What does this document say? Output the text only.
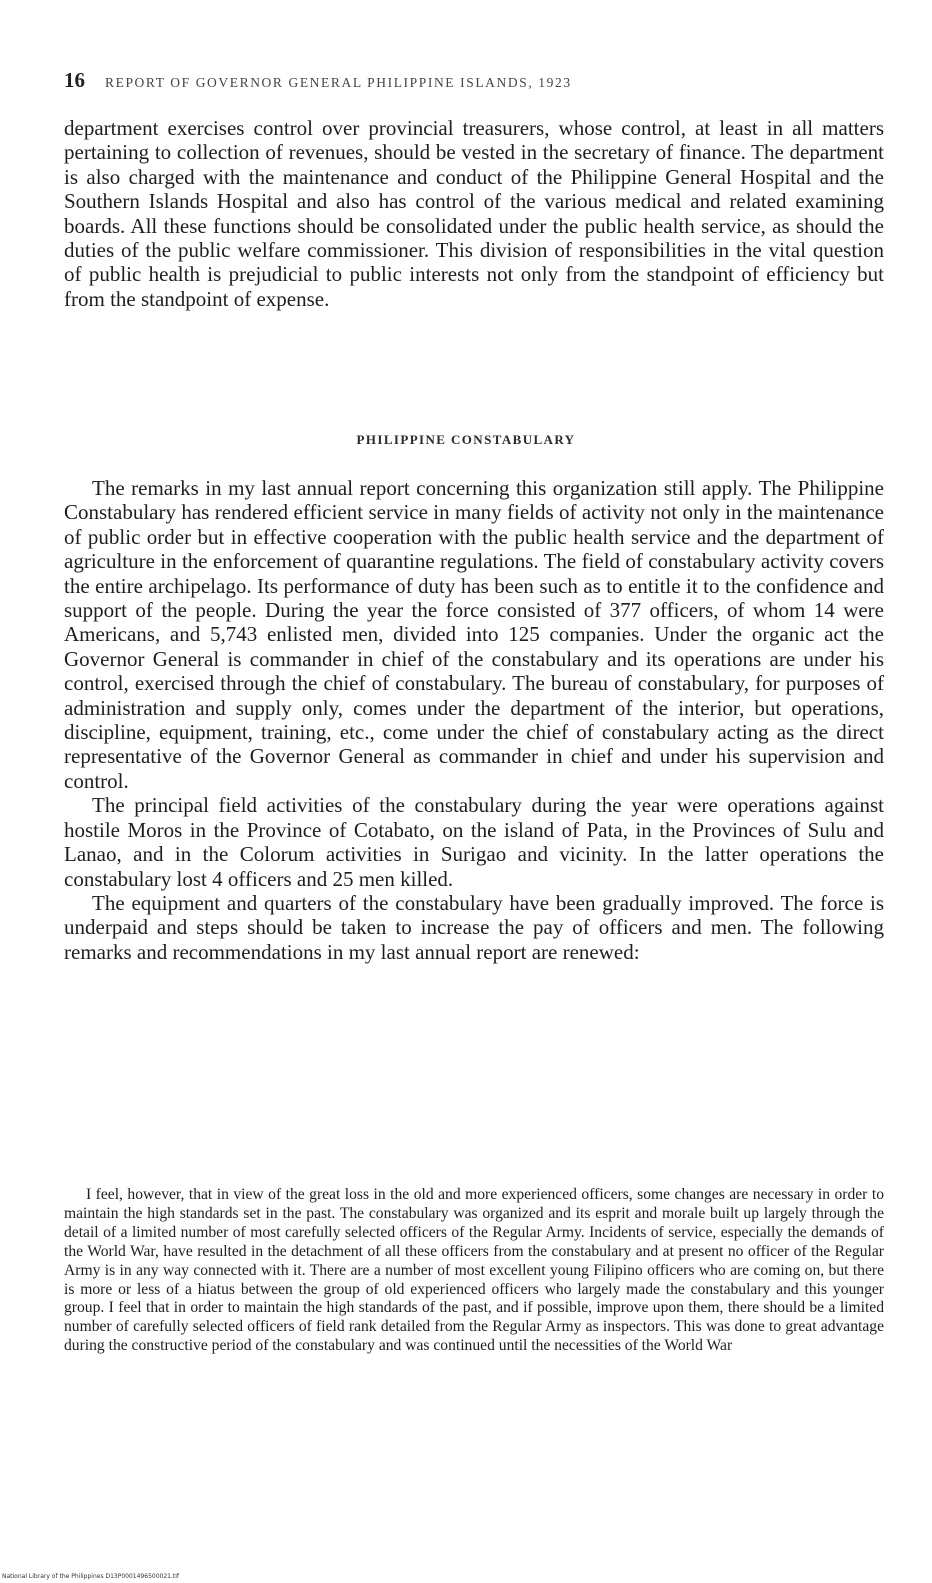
16 REPORT OF GOVERNOR GENERAL PHILIPPINE ISLANDS, 1923

department exercises control over provincial treasurers, whose control, at least in all matters pertaining to collection of revenues, should be vested in the secretary of finance. The department is also charged with the maintenance and conduct of the Philippine General Hospital and the Southern Islands Hospital and also has control of the various medical and related examining boards. All these functions should be consolidated under the public health service, as should the duties of the public welfare commissioner. This division of responsibilities in the vital question of public health is prejudicial to public interests not only from the standpoint of efficiency but from the standpoint of expense.

PHILIPPINE CONSTABULARY

The remarks in my last annual report concerning this organization still apply. The Philippine Constabulary has rendered efficient service in many fields of activity not only in the maintenance of public order but in effective cooperation with the public health service and the department of agriculture in the enforcement of quarantine regulations. The field of constabulary activity covers the entire archipelago. Its performance of duty has been such as to entitle it to the confidence and support of the people. During the year the force consisted of 377 officers, of whom 14 were Americans, and 5,743 enlisted men, divided into 125 companies. Under the organic act the Governor General is commander in chief of the constabulary and its operations are under his control, exercised through the chief of constabulary. The bureau of constabulary, for purposes of administration and supply only, comes under the department of the interior, but operations, discipline, equipment, training, etc., come under the chief of constabulary acting as the direct representative of the Governor General as commander in chief and under his supervision and control.

The principal field activities of the constabulary during the year were operations against hostile Moros in the Province of Cotabato, on the island of Pata, in the Provinces of Sulu and Lanao, and in the Colorum activities in Surigao and vicinity. In the latter operations the constabulary lost 4 officers and 25 men killed.

The equipment and quarters of the constabulary have been gradually improved. The force is underpaid and steps should be taken to increase the pay of officers and men. The following remarks and recommendations in my last annual report are renewed:

I feel, however, that in view of the great loss in the old and more experienced officers, some changes are necessary in order to maintain the high standards set in the past. The constabulary was organized and its esprit and morale built up largely through the detail of a limited number of most carefully selected officers of the Regular Army. Incidents of service, especially the demands of the World War, have resulted in the detachment of all these officers from the constabulary and at present no officer of the Regular Army is in any way connected with it. There are a number of most excellent young Filipino officers who are coming on, but there is more or less of a hiatus between the group of old experienced officers who largely made the constabulary and this younger group. I feel that in order to maintain the high standards of the past, and if possible, improve upon them, there should be a limited number of carefully selected officers of field rank detailed from the Regular Army as inspectors. This was done to great advantage during the constructive period of the constabulary and was continued until the necessities of the World War

National Library of the Philippines D13P0001496500021.tif
